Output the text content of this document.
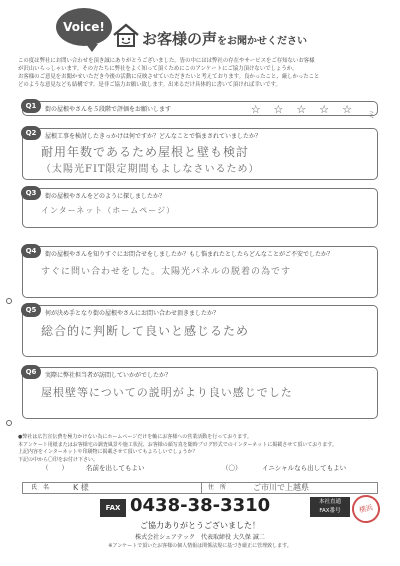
Voice!
お客様の声をお聞かせください
この度は弊社にお問い合わせを頂き誠にありがとうございました。皆の中にはは弊社の存在やサービスをご存知ないお客様
が沢山いらっしゃいます。その方たちに弊社をよく知って頂くためにこのアンケートにご協力頂けないでしょうか。
お客様のご意見をお聞かせいただき今後の活動に反映させていただきたいと考えております。良かったこと、厳しかったこと
どのような意見なども結構です。是非ご協力お願い致します。出来るだけ具体的に書いて頂ければ幸いです。
Q1	街の屋根やさんを５段階で評価をお願いします	☆☆☆☆☆ ミ
Q2	屋根工事を検討したきっかけは何ですか？どんなことで悩まされていましたか？
耐用年数であるため屋根と壁も検討
（太陽光FIT限定期間もよしなさいるため）
Q3	街の屋根やさんをどのように探しましたか？
インターネット（ホームページ）
Q4	街の屋根やさんを知りすぐにお問合せをしましたか？もし悩まれたとしたらどんなことがご不安でしたか？
すぐに問い合わせをした。太陽光パネルの脱着の為です
Q5	何が決め手となり街の屋根やさんにお問い合わせ頂きましたか？
総合的に判断して良いと感じるため
Q6	実際に弊社担当者が訪問していかがでしたか？
屋根壁等についての説明がより良い感じでした
●弊社は広告宣伝費を極力かけない為にホームページだけを軸にお客様への営業活動を行っております。
本アンケート用紙またはお客様宅の調査風景や施工状況、お客様の顔写真を随時ブログ形式でのインターネットに掲載させて頂いております。
上記内容をインターネットや印刷物に掲載させて頂いてもよろしいでしょうか？
下記の中から〇印をお付け下さい。
（　　）	名前を出してもよい	（〇）	イニシャルなら出してもよい
氏　名	K 様	住　所	ご市川で上越県
FAX 0438-38-3310	本社直通
FAX番号	横浜
ご協力ありがとうございました！
株式会社シェアテック　代表取締役 大久保 誠二
※アンケートで頂いたお客様の個人情報は関係法規に基づき厳正に管理致します。
